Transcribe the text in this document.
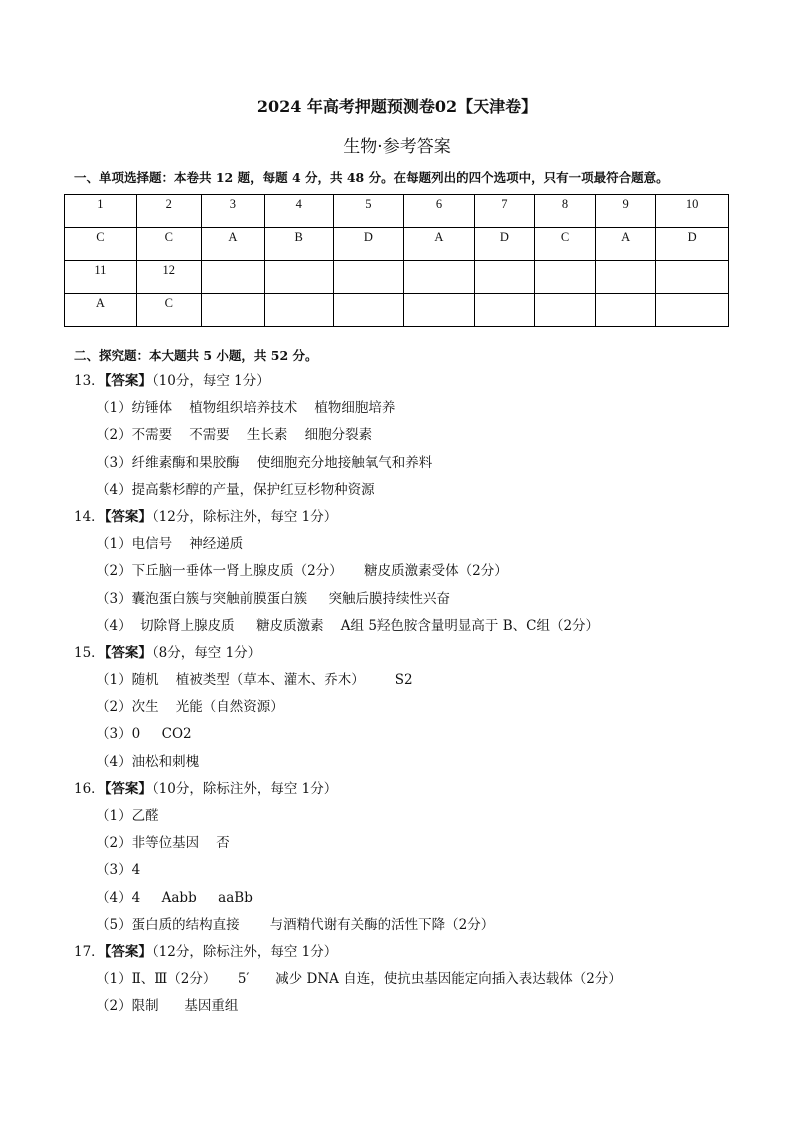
2024 年高考押题预测卷02【天津卷】
生物·参考答案
一、单项选择题：本卷共 12 题，每题 4 分，共 48 分。在每题列出的四个选项中，只有一项最符合题意。
1	2	3	4	5	6	7	8	9	10
C	C	A	B	D	A	D	C	A	D
11	12								
A	C								
二、探究题：本大题共 5 小题，共 52 分。
13．【答案】（10分，每空 1分）
（1）纺锤体    植物组织培养技术    植物细胞培养
（2）不需要    不需要    生长素    细胞分裂素
（3）纤维素酶和果胶酶    使细胞充分地接触氧气和养料
（4）提高紫杉醇的产量，保护红豆杉物种资源
14．【答案】（12分，除标注外，每空 1分）
（1）电信号    神经递质
（2）下丘脑一垂体一肾上腺皮质（2分）     糖皮质激素受体（2分）
（3）囊泡蛋白簇与突触前膜蛋白簇     突触后膜持续性兴奋
（4）  切除肾上腺皮质     糖皮质激素    A组 5羟色胺含量明显高于 B、C组（2分）
15．【答案】（8分，每空 1分）
（1）随机    植被类型（草本、灌木、乔木）       S2
（2）次生    光能（自然资源）
（3）0     CO2
（4）油松和刺槐
16．【答案】（10分，除标注外，每空 1分）
（1）乙醛
（2）非等位基因    否
（3）4
（4）4     Aabb     aaBb
（5）蛋白质的结构直接       与酒精代谢有关酶的活性下降（2分）
17．【答案】（12分，除标注外，每空 1分）
（1）Ⅱ、Ⅲ（2分）     5′      减少 DNA 自连，使抗虫基因能定向插入表达载体（2分）
（2）限制      基因重组
